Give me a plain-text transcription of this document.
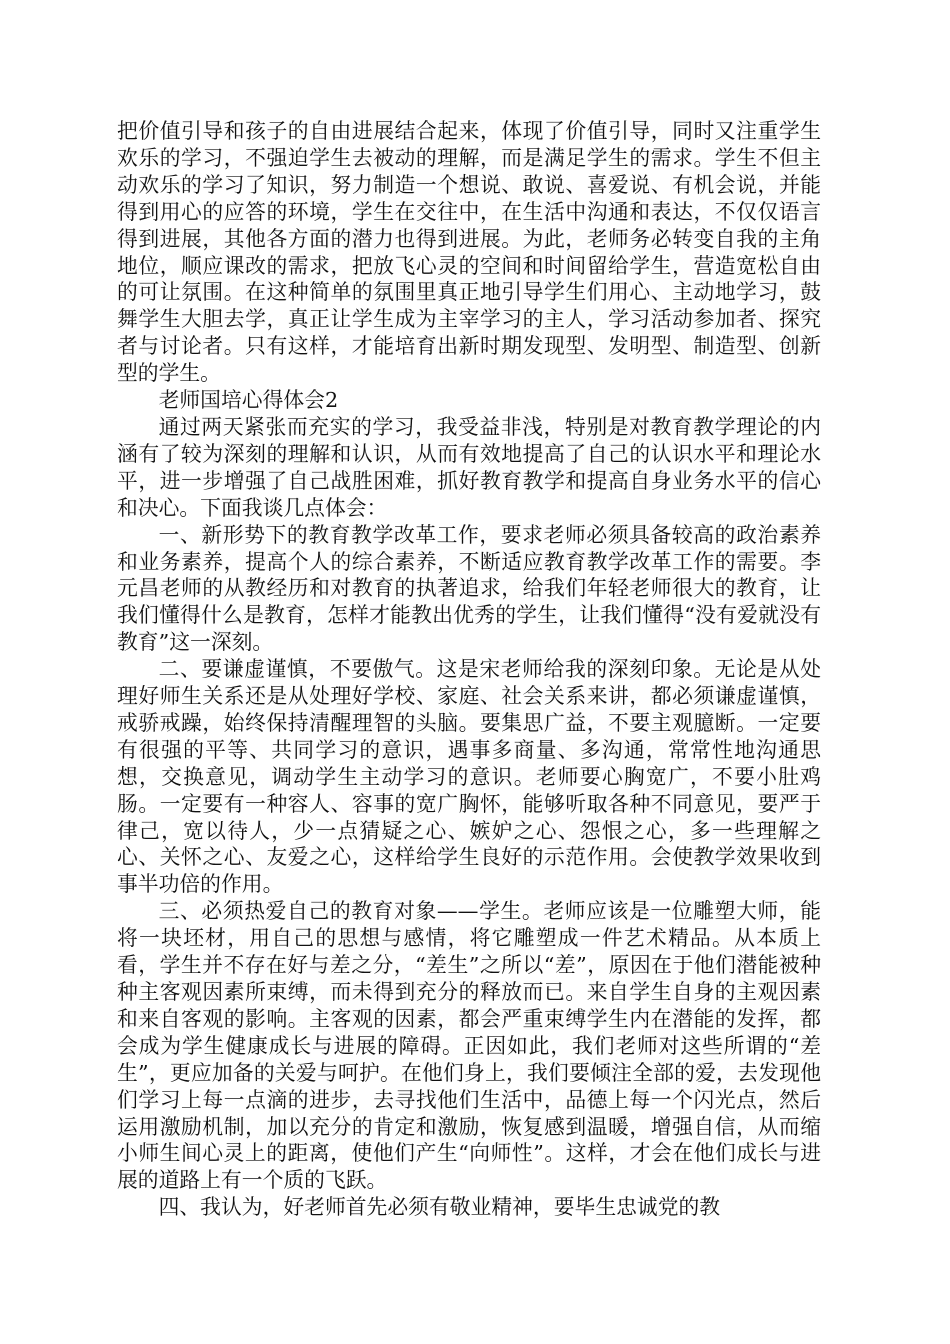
把价值引导和孩子的自由进展结合起来，体现了价值引导，同时又注重学生欢乐的学习，不强迫学生去被动的理解，而是满足学生的需求。学生不但主动欢乐的学习了知识，努力制造一个想说、敢说、喜爱说、有机会说，并能得到用心的应答的环境，学生在交往中，在生活中沟通和表达，不仅仅语言得到进展，其他各方面的潜力也得到进展。为此，老师务必转变自我的主角地位，顺应课改的需求，把放飞心灵的空间和时间留给学生，营造宽松自由的可让氛围。在这种简单的氛围里真正地引导学生们用心、主动地学习，鼓舞学生大胆去学，真正让学生成为主宰学习的主人，学习活动参加者、探究者与讨论者。只有这样，才能培育出新时期发现型、发明型、制造型、创新型的学生。

老师国培心得体会2

通过两天紧张而充实的学习，我受益非浅，特别是对教育教学理论的内涵有了较为深刻的理解和认识，从而有效地提高了自己的认识水平和理论水平，进一步增强了自己战胜困难，抓好教育教学和提高自身业务水平的信心和决心。下面我谈几点体会：

一、新形势下的教育教学改革工作，要求老师必须具备较高的政治素养和业务素养，提高个人的综合素养，不断适应教育教学改革工作的需要。李元昌老师的从教经历和对教育的执著追求，给我们年轻老师很大的教育，让我们懂得什么是教育，怎样才能教出优秀的学生，让我们懂得“没有爱就没有教育”这一深刻。

二、要谦虚谨慎，不要傲气。这是宋老师给我的深刻印象。无论是从处理好师生关系还是从处理好学校、家庭、社会关系来讲，都必须谦虚谨慎，戒骄戒躁，始终保持清醒理智的头脑。要集思广益，不要主观臆断。一定要有很强的平等、共同学习的意识，遇事多商量、多沟通，常常性地沟通思想，交换意见，调动学生主动学习的意识。老师要心胸宽广，不要小肚鸡肠。一定要有一种容人、容事的宽广胸怀，能够听取各种不同意见，要严于律己，宽以待人，少一点猜疑之心、嫉妒之心、怨恨之心，多一些理解之心、关怀之心、友爱之心，这样给学生良好的示范作用。会使教学效果收到事半功倍的作用。

三、必须热爱自己的教育对象——学生。老师应该是一位雕塑大师，能将一块坯材，用自己的思想与感情，将它雕塑成一件艺术精品。从本质上看，学生并不存在好与差之分，“差生”之所以“差”，原因在于他们潜能被种种主客观因素所束缚，而未得到充分的释放而已。来自学生自身的主观因素和来自客观的影响。主客观的因素，都会严重束缚学生内在潜能的发挥，都会成为学生健康成长与进展的障碍。正因如此，我们老师对这些所谓的“差生”，更应加备的关爱与呵护。在他们身上，我们要倾注全部的爱，去发现他们学习上每一点滴的进步，去寻找他们生活中，品德上每一个闪光点，然后运用激励机制，加以充分的肯定和激励，恢复感到温暖，增强自信，从而缩小师生间心灵上的距离，使他们产生“向师性”。这样，才会在他们成长与进展的道路上有一个质的飞跃。

四、我认为，好老师首先必须有敬业精神，要毕生忠诚党的教
